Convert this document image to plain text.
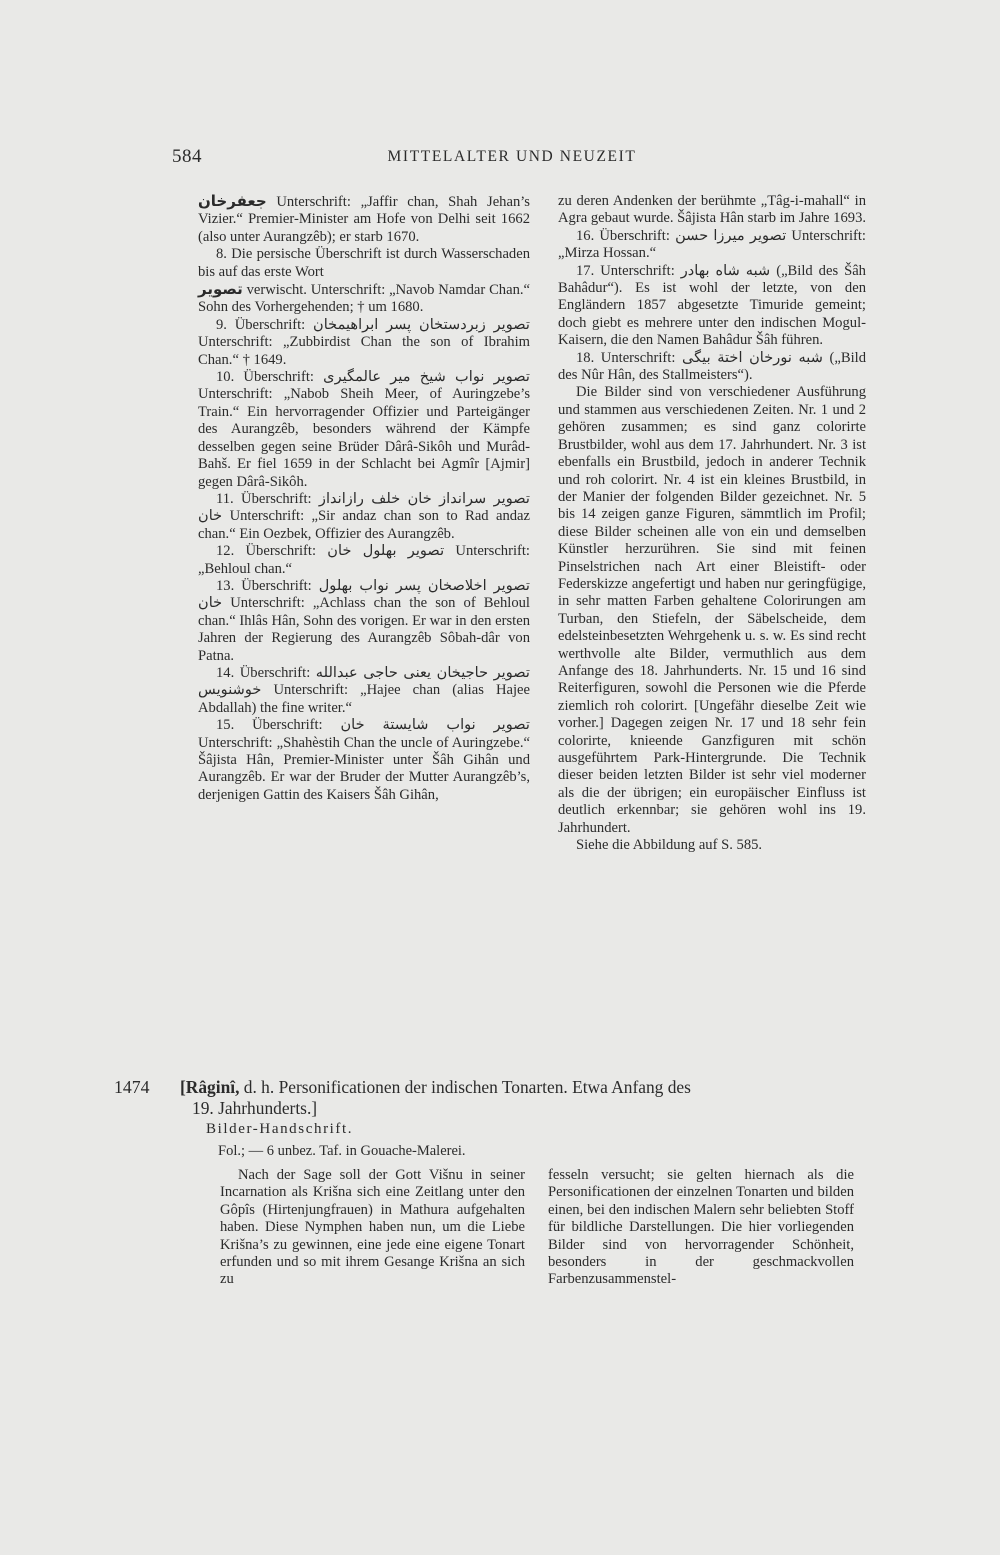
584	MITTELALTER UND NEUZEIT

جعفرخان Unterschrift: „Jaffir chan, Shah Jehan’s Vizier.“ Premier-Minister am Hofe von Delhi seit 1662 (also unter Aurangzêb); er starb 1670.

8. Die persische Überschrift ist durch Wasserschaden bis auf das erste Wort

تصوير verwischt. Unterschrift: „Navob Namdar Chan.“ Sohn des Vorhergehenden; † um 1680.

9. Überschrift: تصوير زبردستخان پسر ابراهيمخان Unterschrift: „Zubbirdist Chan the son of Ibrahim Chan.“ † 1649.

10. Überschrift: تصوير نواب شيخ مير عالمگيرى Unterschrift: „Nabob Sheih Meer, of Auringzebe’s Train.“ Ein hervorragender Offizier und Parteigänger des Aurangzêb, besonders während der Kämpfe desselben gegen seine Brüder Dârâ-Sikôh und Murâd-Bahš. Er fiel 1659 in der Schlacht bei Agmîr [Ajmir] gegen Dârâ-Sikôh.

11. Überschrift: تصوير سرانداز خان خلف رازانداز خان Unterschrift: „Sir andaz chan son to Rad andaz chan.“ Ein Oezbek, Offizier des Aurangzêb.

12. Überschrift: تصوير بهلول خان Unterschrift: „Behloul chan.“

13. Überschrift: تصوير اخلاصخان پسر نواب بهلول خان Unterschrift: „Achlass chan the son of Behloul chan.“ Ihlâs Hân, Sohn des vorigen. Er war in den ersten Jahren der Regierung des Aurangzêb Sôbah-dâr von Patna.

14. Überschrift: تصوير حاجيخان يعنى حاجى عبدالله خوشنويس Unterschrift: „Hajee chan (alias Hajee Abdallah) the fine writer.“

15. Überschrift: تصوير نواب شايستة خان Unterschrift: „Shahèstih Chan the uncle of Auringzebe.“ Šâjista Hân, Premier-Minister unter Šâh Gihân und Aurangzêb. Er war der Bruder der Mutter Aurangzêb’s, derjenigen Gattin des Kaisers Šâh Gihân,

zu deren Andenken der berühmte „Tâg-i-mahall“ in Agra gebaut wurde. Šâjista Hân starb im Jahre 1693.

16. Überschrift: تصوير ميرزا حسن Unterschrift: „Mirza Hossan.“

17. Unterschrift: شبه شاه بهادر („Bild des Šâh Bahâdur“). Es ist wohl der letzte, von den Engländern 1857 abgesetzte Timuride gemeint; doch giebt es mehrere unter den indischen Mogul-Kaisern, die den Namen Bahâdur Šâh führen.

18. Unterschrift: شبه نورخان اختة بيگى („Bild des Nûr Hân, des Stallmeisters“).

Die Bilder sind von verschiedener Ausführung und stammen aus verschiedenen Zeiten. Nr. 1 und 2 gehören zusammen; es sind ganz colorirte Brustbilder, wohl aus dem 17. Jahrhundert. Nr. 3 ist ebenfalls ein Brustbild, jedoch in anderer Technik und roh colorirt. Nr. 4 ist ein kleines Brustbild, in der Manier der folgenden Bilder gezeichnet. Nr. 5 bis 14 zeigen ganze Figuren, sämmtlich im Profil; diese Bilder scheinen alle von ein und demselben Künstler herzurühren. Sie sind mit feinen Pinselstrichen nach Art einer Bleistift- oder Federskizze angefertigt und haben nur geringfügige, in sehr matten Farben gehaltene Colorirungen am Turban, den Stiefeln, der Säbelscheide, dem edelsteinbesetzten Wehrgehenk u. s. w. Es sind recht werthvolle alte Bilder, vermuthlich aus dem Anfange des 18. Jahrhunderts. Nr. 15 und 16 sind Reiterfiguren, sowohl die Personen wie die Pferde ziemlich roh colorirt. [Ungefähr dieselbe Zeit wie vorher.] Dagegen zeigen Nr. 17 und 18 sehr fein colorirte, knieende Ganzfiguren mit schön ausgeführtem Park-Hintergrunde. Die Technik dieser beiden letzten Bilder ist sehr viel moderner als die der übrigen; ein europäischer Einfluss ist deutlich erkennbar; sie gehören wohl ins 19. Jahrhundert.

Siehe die Abbildung auf S. 585.

1474 [Râginî, d. h. Personificationen der indischen Tonarten. Etwa Anfang des
19. Jahrhunderts.]
Bilder-Handschrift.
Fol.; — 6 unbez. Taf. in Gouache-Malerei.

Nach der Sage soll der Gott Višnu in seiner Incarnation als Krišna sich eine Zeitlang unter den Gôpîs (Hirtenjungfrauen) in Mathura aufgehalten haben. Diese Nymphen haben nun, um die Liebe Krišna’s zu gewinnen, eine jede eine eigene Tonart erfunden und so mit ihrem Gesange Krišna an sich zu

fesseln versucht; sie gelten hiernach als die Personificationen der einzelnen Tonarten und bilden einen, bei den indischen Malern sehr beliebten Stoff für bildliche Darstellungen. Die hier vorliegenden Bilder sind von hervorragender Schönheit, besonders in der geschmackvollen Farbenzusammenstel-
